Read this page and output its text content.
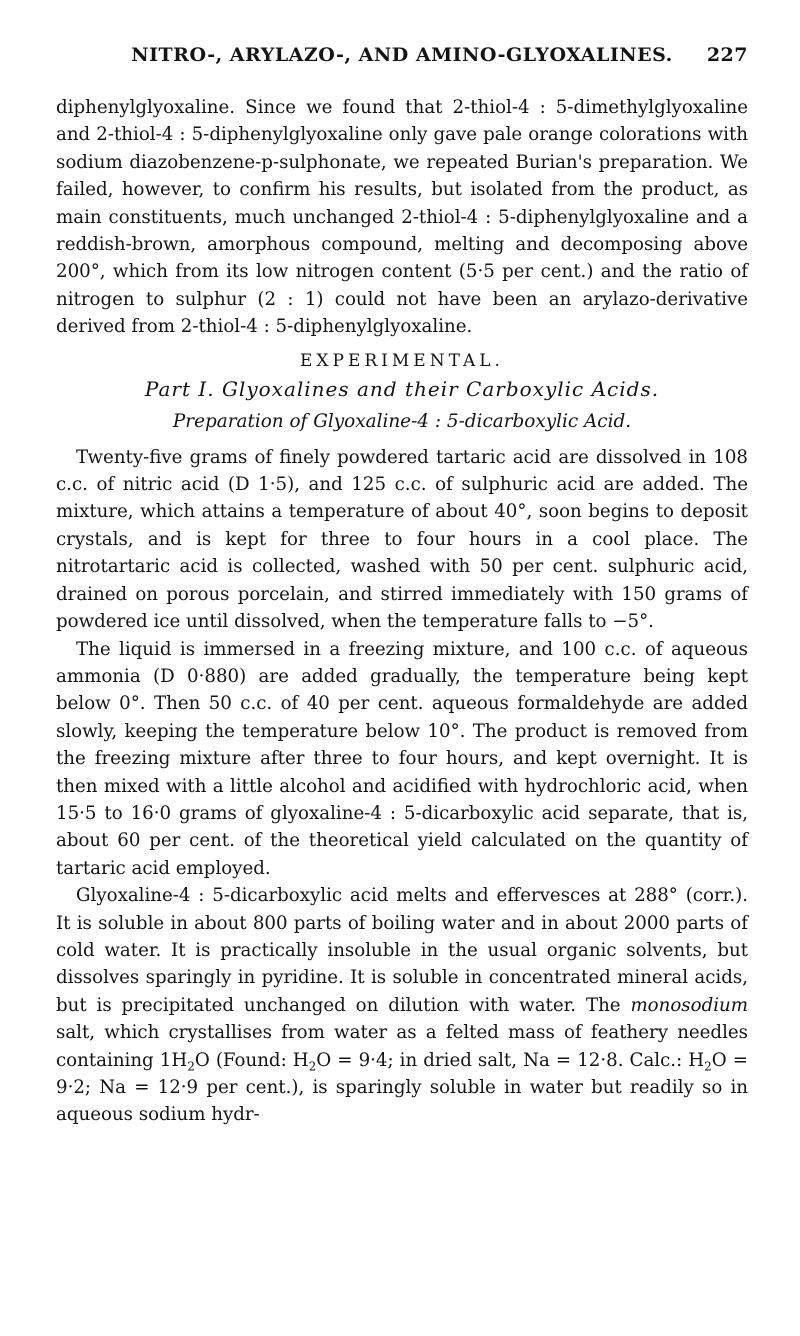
NITRO-, ARYLAZO-, AND AMINO-GLYOXALINES. 227

diphenylglyoxaline. Since we found that 2-thiol-4 : 5-dimethylglyoxaline and 2-thiol-4 : 5-diphenylglyoxaline only gave pale orange colorations with sodium diazobenzene-p-sulphonate, we repeated Burian's preparation. We failed, however, to confirm his results, but isolated from the product, as main constituents, much unchanged 2-thiol-4 : 5-diphenylglyoxaline and a reddish-brown, amorphous compound, melting and decomposing above 200°, which from its low nitrogen content (5·5 per cent.) and the ratio of nitrogen to sulphur (2 : 1) could not have been an arylazo-derivative derived from 2-thiol-4 : 5-diphenylglyoxaline.

EXPERIMENTAL.
Part I. Glyoxalines and their Carboxylic Acids.
Preparation of Glyoxaline-4 : 5-dicarboxylic Acid.

Twenty-five grams of finely powdered tartaric acid are dissolved in 108 c.c. of nitric acid (D 1·5), and 125 c.c. of sulphuric acid are added. The mixture, which attains a temperature of about 40°, soon begins to deposit crystals, and is kept for three to four hours in a cool place. The nitrotartaric acid is collected, washed with 50 per cent. sulphuric acid, drained on porous porcelain, and stirred immediately with 150 grams of powdered ice until dissolved, when the temperature falls to −5°.

The liquid is immersed in a freezing mixture, and 100 c.c. of aqueous ammonia (D 0·880) are added gradually, the temperature being kept below 0°. Then 50 c.c. of 40 per cent. aqueous formaldehyde are added slowly, keeping the temperature below 10°. The product is removed from the freezing mixture after three to four hours, and kept overnight. It is then mixed with a little alcohol and acidified with hydrochloric acid, when 15·5 to 16·0 grams of glyoxaline-4 : 5-dicarboxylic acid separate, that is, about 60 per cent. of the theoretical yield calculated on the quantity of tartaric acid employed.

Glyoxaline-4 : 5-dicarboxylic acid melts and effervesces at 288° (corr.). It is soluble in about 800 parts of boiling water and in about 2000 parts of cold water. It is practically insoluble in the usual organic solvents, but dissolves sparingly in pyridine. It is soluble in concentrated mineral acids, but is precipitated unchanged on dilution with water. The monosodium salt, which crystallises from water as a felted mass of feathery needles containing $1H_2O$ (Found: $H_2O = 9\cdot 4$; in dried salt, Na = 12·8. Calc.: $H_2O = 9\cdot 2$; Na = 12·9 per cent.), is sparingly soluble in water but readily so in aqueous sodium hydr-
